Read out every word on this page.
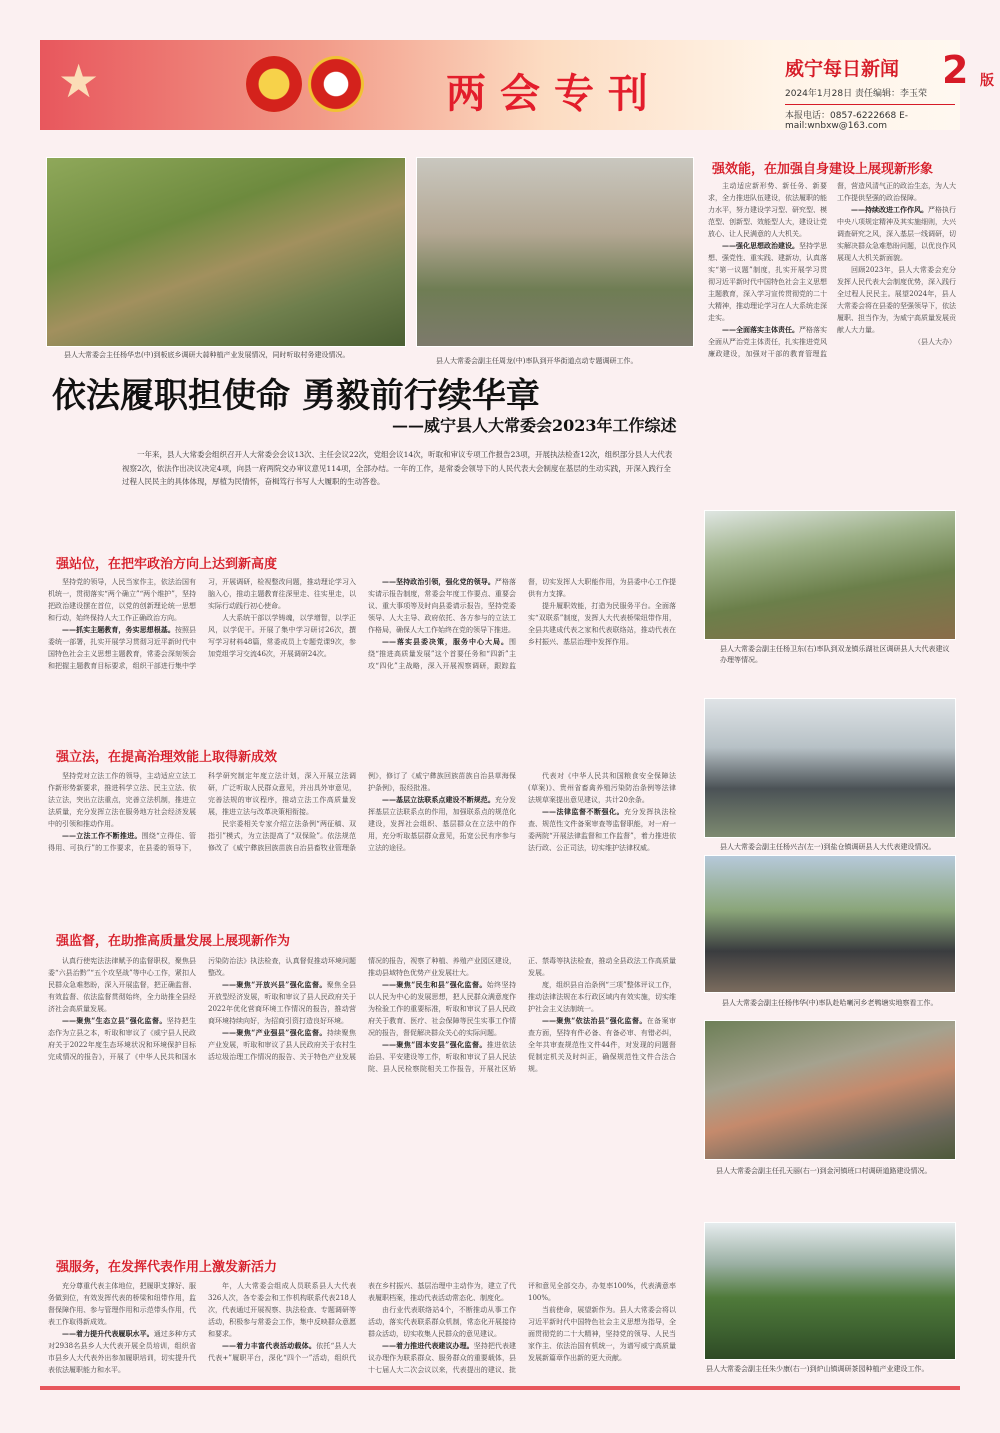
★	两会专刊
威宁每日新闻 2 版
2024年1月28日 责任编辑：李玉荣
本报电话：0857-6222668 E-mail:wnbxw@163.com
县人大常委会主任杨华忠(中)到板底乡调研大蒜种植产业发展情况，同时听取村务建设情况。
县人大常委会副主任周龙(中)率队到开华街道点动专题调研工作。
依法履职担使命 勇毅前行续华章
——威宁县人大常委会2023年工作综述
一年来，县人大常委会组织召开人大常委会会议13次、主任会议22次，党组会议14次，听取和审议专项工作报告23项，开展执法检查12次，组织部分县人大代表视察2次，依法作出决议决定4项，向县一府两院交办审议意见114项，全部办结。一年的工作，是常委会领导下的人民代表大会制度在基层的生动实践，开深入践行全过程人民民主的具体体现，厚植为民情怀，奋楫笃行书写人大履职的生动答卷。
强站位，在把牢政治方向上达到新高度

坚持党的领导，人民当家作主，依法治国有机统一，贯彻落实“两个确立”“两个维护”，坚持把政治建设摆在首位，以党的创新理论统一思想和行动，始终保持人大工作正确政治方向。

——抓实主题教育，务实思想根基。按照县委统一部署，扎实开展学习贯彻习近平新时代中国特色社会主义思想主题教育，常委会深刻领会和把握主题教育目标要求，组织干部进行集中学习，开展调研，检视整改问题，推动理论学习入脑入心，推动主题教育往深里走、往实里走，以实际行动践行初心使命。

人大系统干部以学铸魂，以学增智，以学正风，以学促干。开展了集中学习研讨26次，撰写学习材料48篇，常委成员上专题党课9次，参加党组学习交流46次，开展调研24次。

——坚持政治引领，强化党的领导。严格落实请示报告制度，常委会年度工作要点、重要会议、重大事项等及时向县委请示报告，坚持党委领导、人大主导、政府依托、各方参与的立法工作格局，确保人大工作始终在党的领导下推进。

——落实县委决策，服务中心大局。围绕“推进高质量发展”这个首要任务和“四新”主攻“四化”主战略，深入开展视察调研，跟踪监督，切实发挥人大职能作用，为县委中心工作提供有力支撑。

提升履职效能，打造为民服务平台。全面落实“双联系”制度，发挥人大代表桥梁纽带作用，全县共建成代表之家和代表联络站，推动代表在乡村振兴、基层治理中发挥作用。

强立法，在提高治理效能上取得新成效

坚持党对立法工作的领导，主动适应立法工作新形势新要求，推进科学立法、民主立法、依法立法，突出立法重点，完善立法机制，推进立法质量，充分发挥立法在服务地方社会经济发展中的引领和推动作用。

——立法工作不断推进。围绕“立得住、管得用、可执行”的工作要求，在县委的领导下，科学研究制定年度立法计划，深入开展立法调研，广泛听取人民群众意见，并出具外审意见，完善法规的审议程序，推动立法工作高质量发展，推进立法与改革决策相衔接。

民宗委相关专家介绍立法条例“两征稿、双指引”模式，为立法提高了“双保险”。依法规范修改了《威宁彝族回族苗族自治县畜牧业管理条例》，修订了《威宁彝族回族苗族自治县草海保护条例》，报经批准。

——基层立法联系点建设不断规范。充分发挥基层立法联系点的作用，加强联系点的规范化建设，发挥社会组织、基层群众在立法中的作用，充分听取基层群众意见，拓宽公民有序参与立法的途径。

代表对《中华人民共和国粮食安全保障法(草案)》、贵州省畜禽养殖污染防治条例等法律法规草案提出意见建议，共计20余条。

——法律监督不断强化。充分发挥执法检查、规范性文件备案审查等监督职能，对一府一委两院“开展法律监督和工作监督”，着力推进依法行政、公正司法，切实维护法律权威。

强监督，在助推高质量发展上展现新作为

认真行使宪法法律赋予的监督职权，聚焦县委“六县治黔”“五个攻坚战”等中心工作，紧扣人民群众急难愁盼，深入开展监督，把正确监督、有效监督、依法监督贯彻始终，全力助推全县经济社会高质量发展。

——聚焦“生态立县”强化监督。坚持把生态作为立县之本，听取和审议了《威宁县人民政府关于2022年度生态环境状况和环境保护目标完成情况的报告》，开展了《中华人民共和国水污染防治法》执法检查，认真督促推动环境问题整改。

——聚焦“开放兴县”强化监督。聚焦全县开放型经济发展，听取和审议了县人民政府关于2022年优化营商环境工作情况的报告，推动营商环境持续向好，为招商引资打造良好环境。

——聚焦“产业强县”强化监督。持续聚焦产业发展，听取和审议了县人民政府关于农村生活垃圾治理工作情况的报告、关于特色产业发展情况的报告，视察了种植、养殖产业园区建设，推动县域特色优势产业发展壮大。

——聚焦“民生和县”强化监督。始终坚持以人民为中心的发展思想，把人民群众满意度作为检验工作的重要标准，听取和审议了县人民政府关于教育、医疗、社会保障等民生实事工作情况的报告，督促解决群众关心的实际问题。

——聚焦“固本安县”强化监督。推进依法治县、平安建设等工作，听取和审议了县人民法院、县人民检察院相关工作报告，开展社区矫正、禁毒等执法检查，推动全县政法工作高质量发展。

度，组织县自治条例“三项”整体评议工作，推动法律法规在本行政区域内有效实施，切实维护社会主义法制统一。

——聚焦“依法治县”强化监督。在备案审查方面，坚持有件必备、有备必审、有错必纠，全年共审查规范性文件44件，对发现的问题督促制定机关及时纠正，确保规范性文件合法合规。

强服务，在发挥代表作用上激发新活力

充分尊重代表主体地位，把履职支撑好、服务做到位，有效发挥代表的桥梁和纽带作用，监督保障作用、参与管理作用和示范带头作用，代表工作取得新成效。

——着力提升代表履职水平。通过多种方式对2938名县乡人大代表开展全员培训，组织省市县乡人大代表外出参加履职培训，切实提升代表依法履职能力和水平。

年，人大常委会组成人员联系县人大代表326人次，各专委会和工作机构联系代表218人次，代表通过开展视察、执法检查、专题调研等活动，积极参与常委会工作，集中反映群众意愿和要求。

——着力丰富代表活动载体。依托“县人大代表+”履职平台，深化“四个一”活动，组织代表在乡村振兴、基层治理中主动作为，建立了代表履职档案，推动代表活动常态化、制度化。

由行业代表联络站4个，不断推动从事工作活动，落实代表联系群众机制，常态化开展接待群众活动，切实收集人民群众的意见建议。

——着力推进代表建议办理。坚持把代表建议办理作为联系群众、服务群众的重要载体，县十七届人大二次会议以来，代表提出的建议、批评和意见全部交办，办复率100%，代表满意率100%。

当前使命，展望新作为。县人大常委会将以习近平新时代中国特色社会主义思想为指导，全面贯彻党的二十大精神，坚持党的领导、人民当家作主、依法治国有机统一，为谱写威宁高质量发展新篇章作出新的更大贡献。

强效能，在加强自身建设上展现新形象

主动适应新形势、新任务、新要求，全力推进队伍建设，依法履职的能力水平，努力建设学习型、研究型、模范型、创新型、效能型人大，建设让党放心、让人民满意的人大机关。

——强化思想政治建设。坚持学思想、强党性、重实践、建新功，认真落实“第一议题”制度，扎实开展学习贯彻习近平新时代中国特色社会主义思想主题教育，深入学习宣传贯彻党的二十大精神，推动理论学习在人大系统走深走实。

——全面落实主体责任。严格落实全面从严治党主体责任，扎实推进党风廉政建设，加强对干部的教育管理监督，营造风清气正的政治生态，为人大工作提供坚强的政治保障。

——持续改进工作作风。严格执行中央八项规定精神及其实施细则，大兴调查研究之风，深入基层一线调研，切实解决群众急难愁盼问题，以优良作风展现人大机关新面貌。

回顾2023年，县人大常委会充分发挥人民代表大会制度优势，深入践行全过程人民民主。展望2024年，县人大常委会将在县委的坚强领导下，依法履职、担当作为，为威宁高质量发展贡献人大力量。

（县人大办）

县人大常委会副主任杨卫东(右)率队到双龙镇乐湖社区调研县人大代表建议办理等情况。
县人大常委会副主任杨兴吉(左一)到盐仓镇调研县人大代表建设情况。
县人大常委会副主任杨伟华(中)率队赴哈喇河乡老鸭塘实地察看工作。
县人大常委会副主任孔天丽(右一)到金河镇班口村调研道路建设情况。
县人大常委会副主任朱少康(右一)到炉山镇调研茶园种植产业建设工作。
